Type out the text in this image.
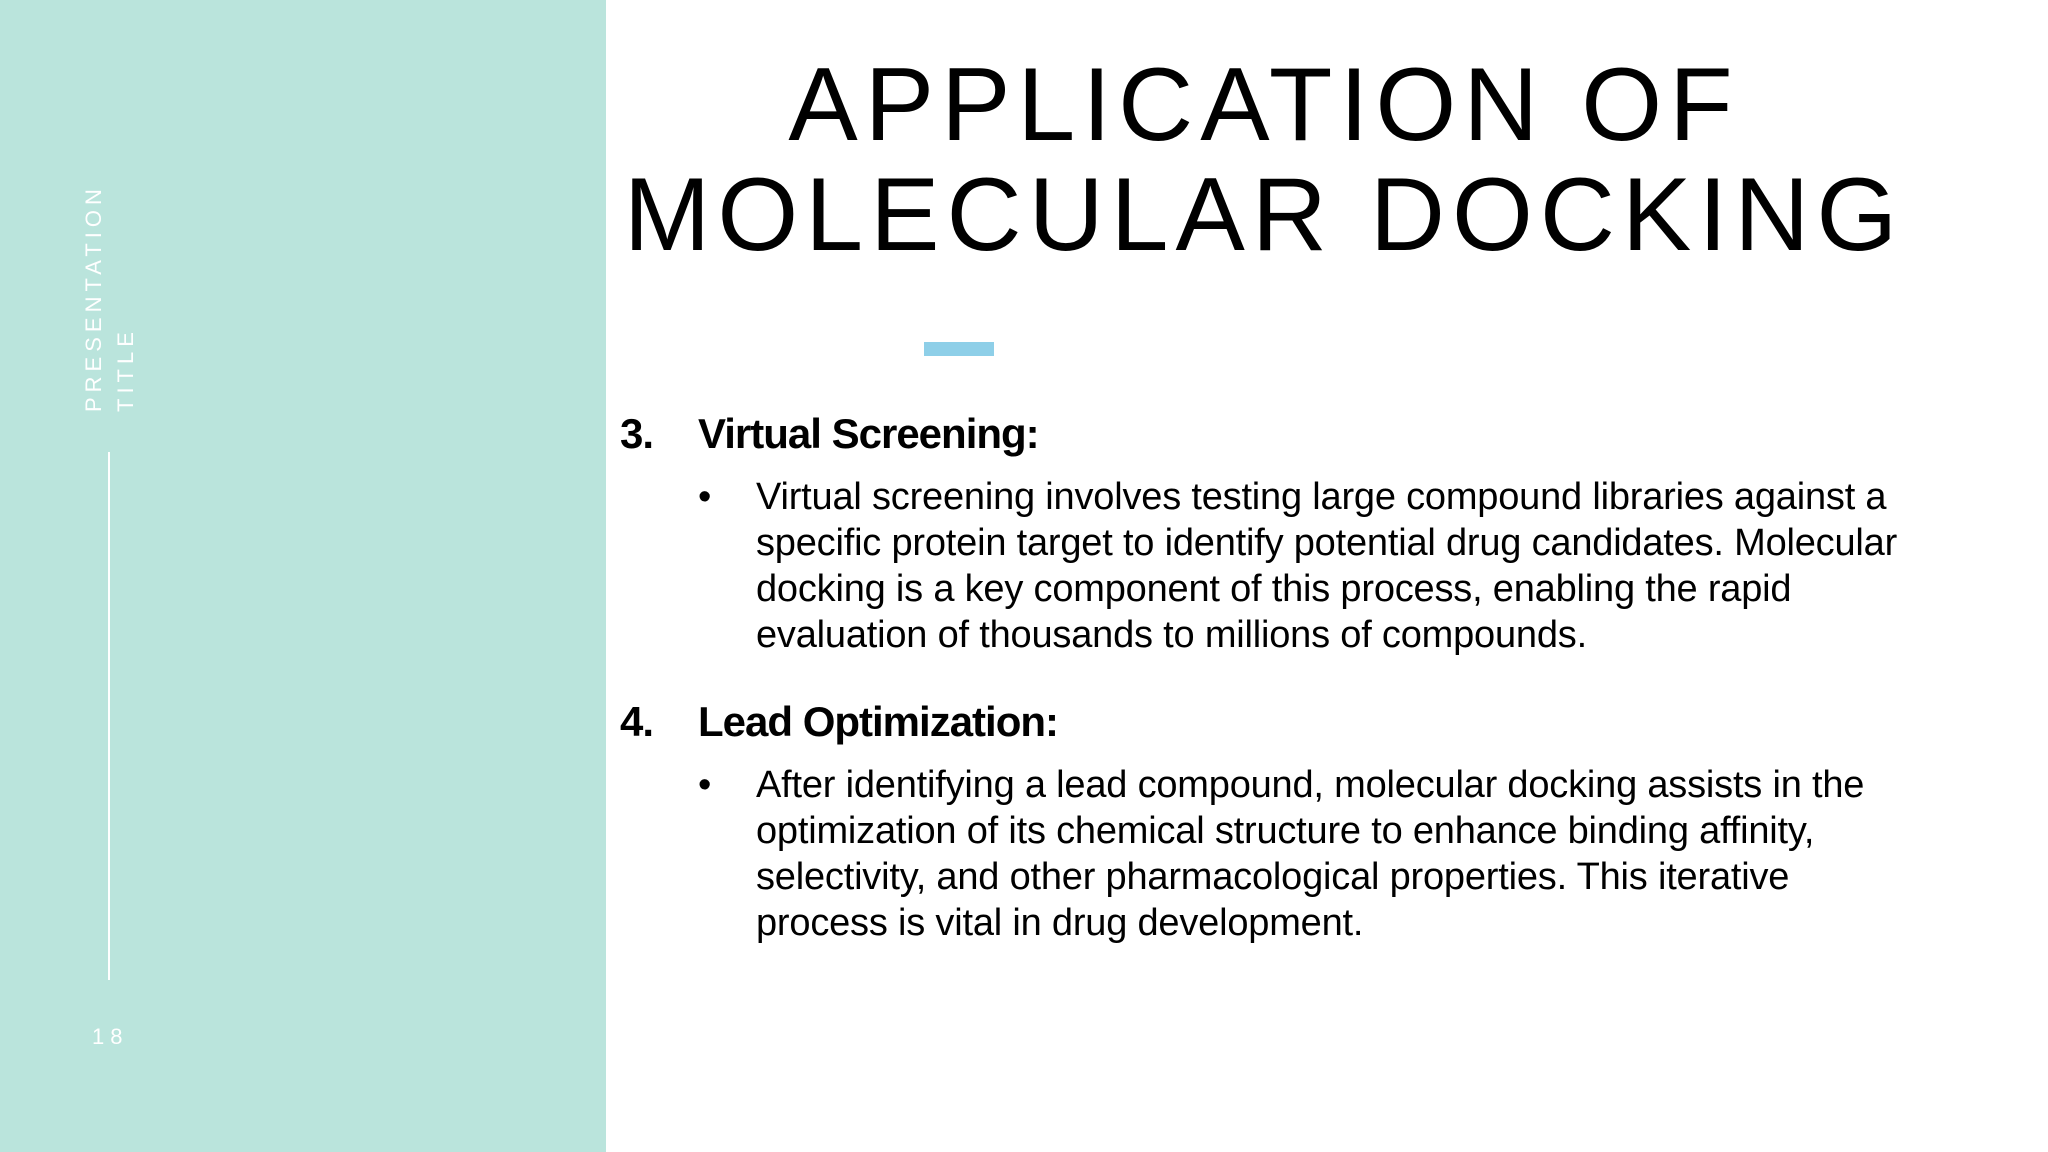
PRESENTATION TITLE
18
APPLICATION OF MOLECULAR DOCKING
3.	Virtual Screening:
•	Virtual screening involves testing large compound libraries against a specific protein target to identify potential drug candidates. Molecular docking is a key component of this process, enabling the rapid evaluation of thousands to millions of compounds.
4.	Lead Optimization:
•	After identifying a lead compound, molecular docking assists in the optimization of its chemical structure to enhance binding affinity, selectivity, and other pharmacological properties. This iterative process is vital in drug development.
